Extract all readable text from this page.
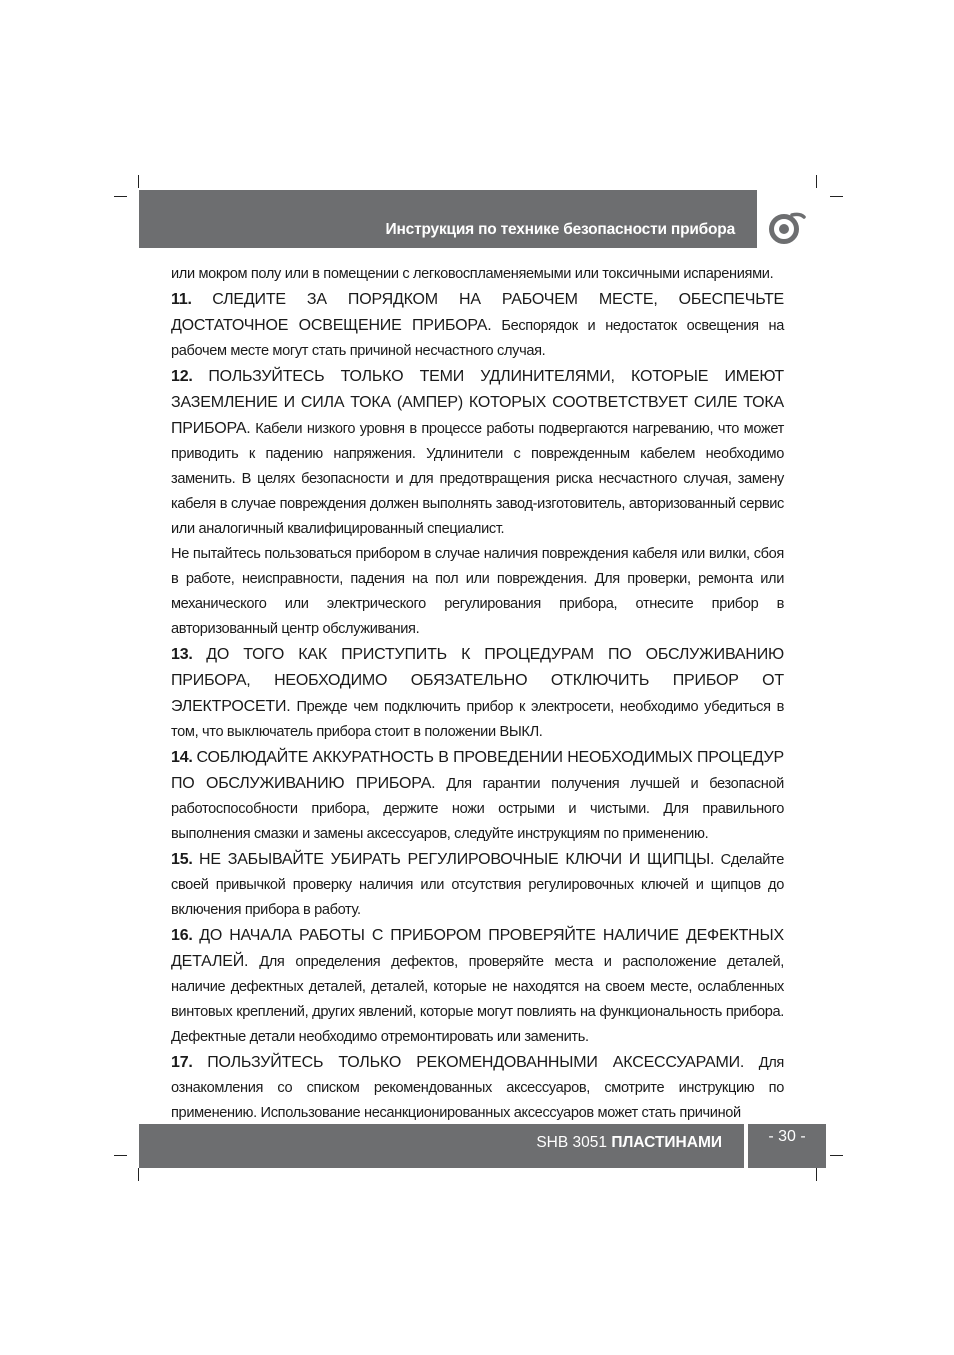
Инструкция по технике безопасности прибора

или мокром полу или в помещении с легковоспламеняемыми или токсичными испарениями.

11. СЛЕДИТЕ ЗА ПОРЯДКОМ НА РАБОЧЕМ МЕСТЕ, ОБЕСПЕЧЬТЕ ДОСТАТОЧНОЕ ОСВЕЩЕНИЕ ПРИБОРА. Беспорядок и недостаток освещения на рабочем месте могут стать причиной несчастного случая.

12. ПОЛЬЗУЙТЕСЬ ТОЛЬКО ТЕМИ УДЛИНИТЕЛЯМИ, КОТОРЫЕ ИМЕЮТ ЗАЗЕМЛЕНИЕ И СИЛА ТОКА (АМПЕР) КОТОРЫХ СООТВЕТСТВУЕТ СИЛЕ ТОКА ПРИБОРА. Кабели низкого уровня в процессе работы подвергаются нагреванию, что может приводить к падению напряжения. Удлинители с поврежденным кабелем необходимо заменить. В целях безопасности и для предотвращения риска несчастного случая, замену кабеля в случае повреждения должен выполнять завод-изготовитель, авторизованный сервис или аналогичный квалифицированный специалист.

Не пытайтесь пользоваться прибором в случае наличия повреждения кабеля или вилки, сбоя в работе, неисправности, падения на пол или повреждения. Для проверки, ремонта или механического или электрического регулирования прибора, отнесите прибор в авторизованный центр обслуживания.

13. ДО ТОГО КАК ПРИСТУПИТЬ К ПРОЦЕДУРАМ ПО ОБСЛУЖИВАНИЮ ПРИБОРА, НЕОБХОДИМО ОБЯЗАТЕЛЬНО ОТКЛЮЧИТЬ ПРИБОР ОТ ЭЛЕКТРОСЕТИ. Прежде чем подключить прибор к электросети, необходимо убедиться в том, что выключатель прибора стоит в положении ВЫКЛ.

14. СОБЛЮДАЙТЕ АККУРАТНОСТЬ В ПРОВЕДЕНИИ НЕОБХОДИМЫХ ПРОЦЕДУР ПО ОБСЛУЖИВАНИЮ ПРИБОРА. Для гарантии получения лучшей и безопасной работоспособности прибора, держите ножи острыми и чистыми. Для правильного выполнения смазки и замены аксессуаров, следуйте инструкциям по применению.

15. НЕ ЗАБЫВАЙТЕ УБИРАТЬ РЕГУЛИРОВОЧНЫЕ КЛЮЧИ И ЩИПЦЫ. Сделайте своей привычкой проверку наличия или отсутствия регулировочных ключей и щипцов до включения прибора в работу.

16. ДО НАЧАЛА РАБОТЫ С ПРИБОРОМ ПРОВЕРЯЙТЕ НАЛИЧИЕ ДЕФЕКТНЫХ ДЕТАЛЕЙ. Для определения дефектов, проверяйте места и расположение деталей, наличие дефектных деталей, деталей, которые не находятся на своем месте, ослабленных винтовых креплений, других явлений, которые могут повлиять на функциональность прибора. Дефектные детали необходимо отремонтировать или заменить.

17. ПОЛЬЗУЙТЕСЬ ТОЛЬКО РЕКОМЕНДОВАННЫМИ АКСЕССУАРАМИ. Для ознакомления со списком рекомендованных аксессуаров, смотрите инструкцию по применению. Использование несанкционированных аксессуаров может стать причиной

SHB 3051 ПЛАСТИНАМИ	- 30 -
